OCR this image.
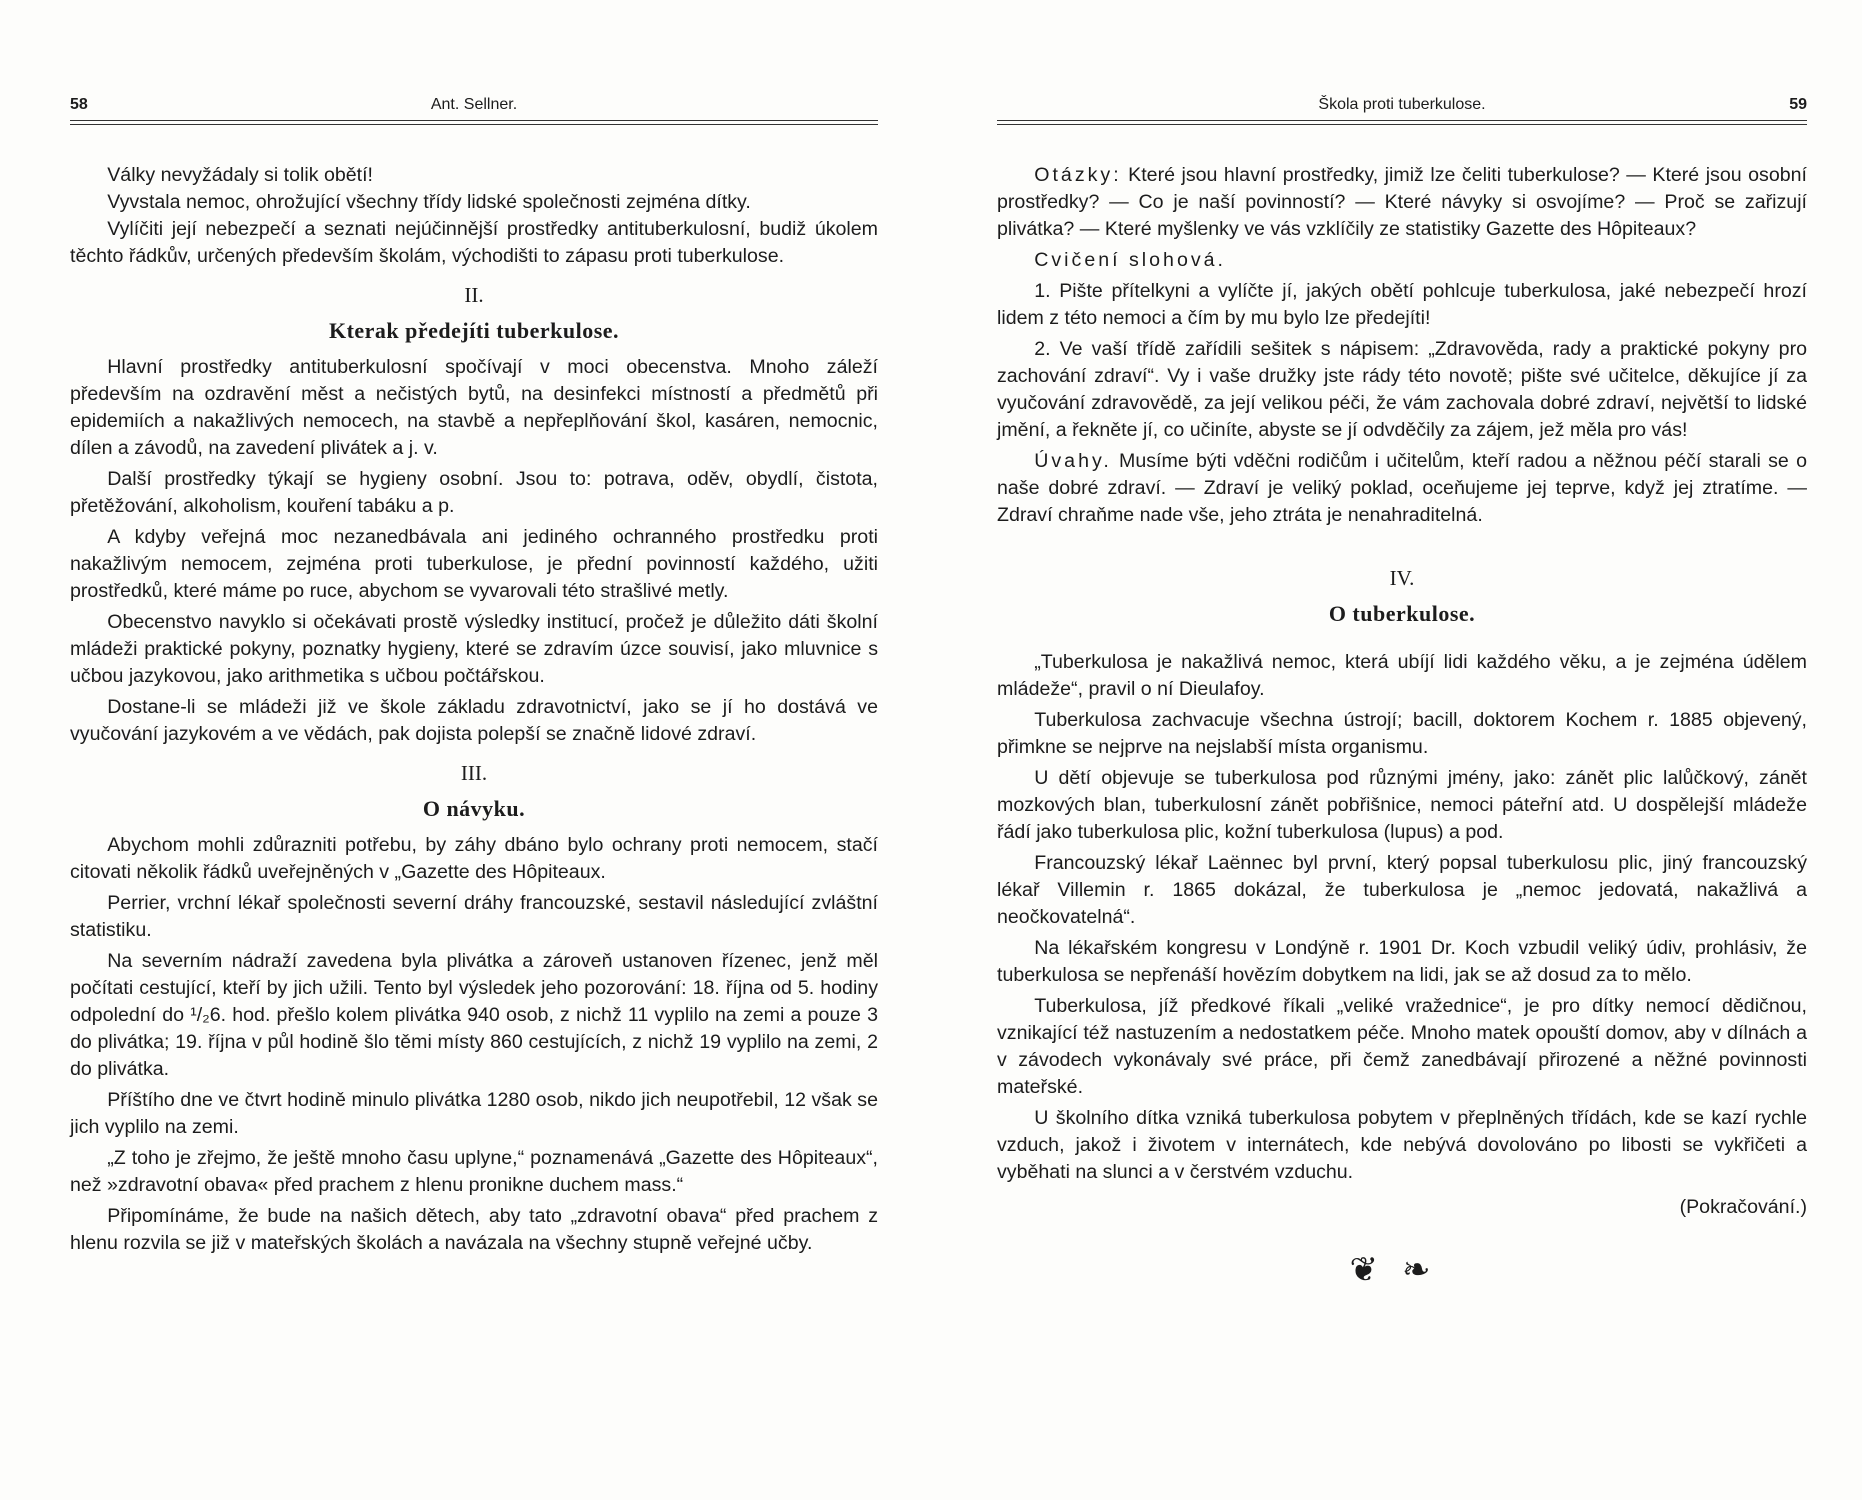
58	Ant. Sellner.

Války nevyžádaly si tolik obětí!

Vyvstala nemoc, ohrožující všechny třídy lidské společnosti zejména dítky.

Vylíčiti její nebezpečí a seznati nejúčinnější prostředky antituberkulosní, budiž úkolem těchto řádkův, určených především školám, východišti to zápasu proti tuberkulose.

II.
Kterak předejíti tuberkulose.

Hlavní prostředky antituberkulosní spočívají v moci obecenstva. Mnoho záleží především na ozdravění měst a nečistých bytů, na desinfekci místností a předmětů při epidemiích a nakažlivých nemocech, na stavbě a nepřeplňování škol, kasáren, nemocnic, dílen a závodů, na zavedení plivátek a j. v.

Další prostředky týkají se hygieny osobní. Jsou to: potrava, oděv, obydlí, čistota, přetěžování, alkoholism, kouření tabáku a p.

A kdyby veřejná moc nezanedbávala ani jediného ochranného prostředku proti nakažlivým nemocem, zejména proti tuberkulose, je přední povinností každého, užiti prostředků, které máme po ruce, abychom se vyvarovali této strašlivé metly.

Obecenstvo navyklo si očekávati prostě výsledky institucí, pročež je důležito dáti školní mládeži praktické pokyny, poznatky hygieny, které se zdravím úzce souvisí, jako mluvnice s učbou jazykovou, jako arithmetika s učbou počtářskou.

Dostane-li se mládeži již ve škole základu zdravotnictví, jako se jí ho dostává ve vyučování jazykovém a ve vědách, pak dojista polepší se značně lidové zdraví.

III.
O návyku.

Abychom mohli zdůrazniti potřebu, by záhy dbáno bylo ochrany proti nemocem, stačí citovati několik řádků uveřejněných v „Gazette des Hôpiteaux.

Perrier, vrchní lékař společnosti severní dráhy francouzské, sestavil následující zvláštní statistiku.

Na severním nádraží zavedena byla plivátka a zároveň ustanoven řízenec, jenž měl počítati cestující, kteří by jich užili. Tento byl výsledek jeho pozorování: 18. října od 5. hodiny odpolední do ¹/₂6. hod. přešlo kolem plivátka 940 osob, z nichž 11 vyplilo na zemi a pouze 3 do plivátka; 19. října v půl hodině šlo těmi místy 860 cestujících, z nichž 19 vyplilo na zemi, 2 do plivátka.

Příštího dne ve čtvrt hodině minulo plivátka 1280 osob, nikdo jich neupotřebil, 12 však se jich vyplilo na zemi.

„Z toho je zřejmo, že ještě mnoho času uplyne,“ poznamenává „Gazette des Hôpiteaux“, než »zdravotní obava« před prachem z hlenu pronikne duchem mass.“

Připomínáme, že bude na našich dětech, aby tato „zdravotní obava“ před prachem z hlenu rozvila se již v mateřských školách a navázala na všechny stupně veřejné učby.

Škola proti tuberkulose.	59

Otázky: Které jsou hlavní prostředky, jimiž lze čeliti tuberkulose? — Které jsou osobní prostředky? — Co je naší povinností? — Které návyky si osvojíme? — Proč se zařizují plivátka? — Které myšlenky ve vás vzklíčily ze statistiky Gazette des Hôpiteaux?

Cvičení slohová.

1. Pište přítelkyni a vylíčte jí, jakých obětí pohlcuje tuberkulosa, jaké nebezpečí hrozí lidem z této nemoci a čím by mu bylo lze předejíti!

2. Ve vaší třídě zařídili sešitek s nápisem: „Zdravověda, rady a praktické pokyny pro zachování zdraví“. Vy i vaše družky jste rády této novotě; pište své učitelce, děkujíce jí za vyučování zdravovědě, za její velikou péči, že vám zachovala dobré zdraví, největší to lidské jmění, a řekněte jí, co učiníte, abyste se jí odvděčily za zájem, jež měla pro vás!

Úvahy. Musíme býti vděčni rodičům i učitelům, kteří radou a něžnou péčí starali se o naše dobré zdraví. — Zdraví je veliký poklad, oceňujeme jej teprve, když jej ztratíme. — Zdraví chraňme nade vše, jeho ztráta je nenahraditelná.

IV.
O tuberkulose.

„Tuberkulosa je nakažlivá nemoc, která ubíjí lidi každého věku, a je zejména údělem mládeže“, pravil o ní Dieulafoy.

Tuberkulosa zachvacuje všechna ústrojí; bacill, doktorem Kochem r. 1885 objevený, přimkne se nejprve na nejslabší místa organismu.

U dětí objevuje se tuberkulosa pod různými jmény, jako: zánět plic lalůčkový, zánět mozkových blan, tuberkulosní zánět pobřišnice, nemoci páteřní atd. U dospělejší mládeže řádí jako tuberkulosa plic, kožní tuberkulosa (lupus) a pod.

Francouzský lékař Laënnec byl první, který popsal tuberkulosu plic, jiný francouzský lékař Villemin r. 1865 dokázal, že tuberkulosa je „nemoc jedovatá, nakažlivá a neočkovatelná“.

Na lékařském kongresu v Londýně r. 1901 Dr. Koch vzbudil veliký údiv, prohlásiv, že tuberkulosa se nepřenáší hovězím dobytkem na lidi, jak se až dosud za to mělo.

Tuberkulosa, jíž předkové říkali „veliké vražednice“, je pro dítky nemocí dědičnou, vznikající též nastuzením a nedostatkem péče. Mnoho matek opouští domov, aby v dílnách a v závodech vykonávaly své práce, při čemž zanedbávají přirozené a něžné povinnosti mateřské.

U školního dítka vzniká tuberkulosa pobytem v přeplněných třídách, kde se kazí rychle vzduch, jakož i životem v internátech, kde nebývá dovolováno po libosti se vykřičeti a vyběhati na slunci a v čerstvém vzduchu.

(Pokračování.)
❦❧
